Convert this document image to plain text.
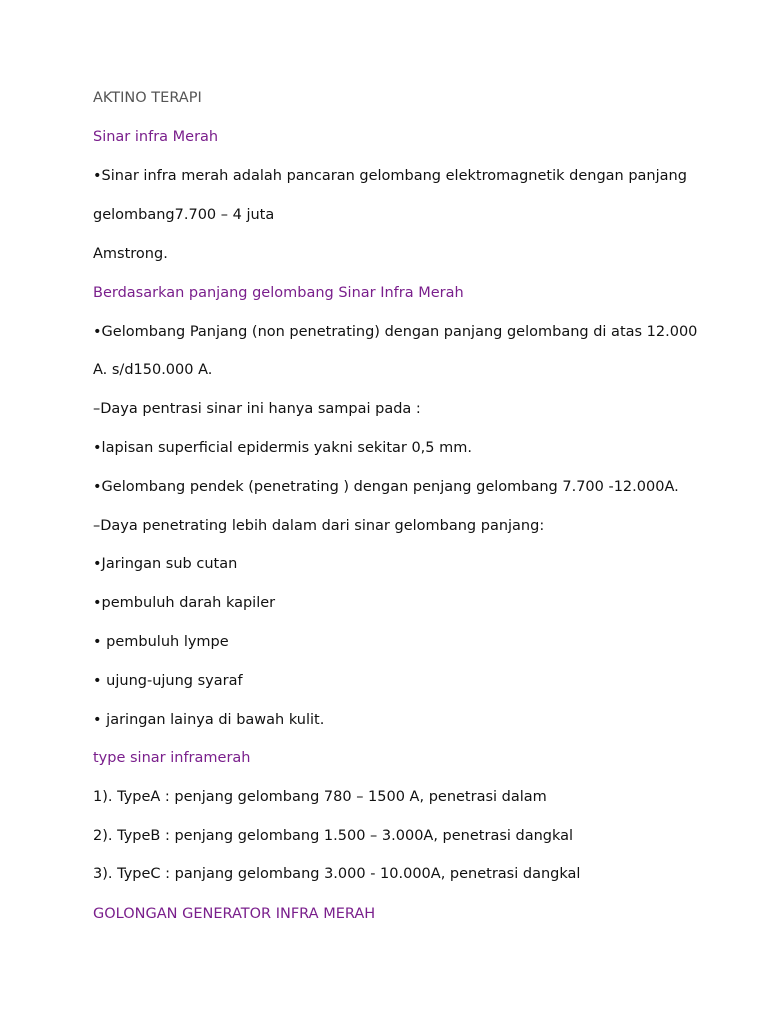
AKTINO TERAPI
Sinar infra Merah
•Sinar infra merah adalah pancaran gelombang elektromagnetik dengan panjang
gelombang7.700 – 4 juta
Amstrong.
Berdasarkan panjang gelombang Sinar Infra Merah
•Gelombang Panjang (non penetrating) dengan panjang gelombang di atas 12.000
A. s/d150.000 A.
–Daya pentrasi sinar ini hanya sampai pada :
•lapisan superficial epidermis yakni sekitar 0,5 mm.
•Gelombang pendek (penetrating ) dengan penjang gelombang 7.700 -12.000A.
–Daya penetrating lebih dalam dari sinar gelombang panjang:
•Jaringan sub cutan
•pembuluh darah kapiler
• pembuluh lympe
• ujung-ujung syaraf
• jaringan lainya di bawah kulit.
type sinar inframerah
1). TypeA : penjang gelombang 780 – 1500 A, penetrasi dalam
2). TypeB : penjang gelombang 1.500 – 3.000A, penetrasi dangkal
3). TypeC : panjang gelombang 3.000 - 10.000A, penetrasi dangkal
GOLONGAN GENERATOR INFRA MERAH
